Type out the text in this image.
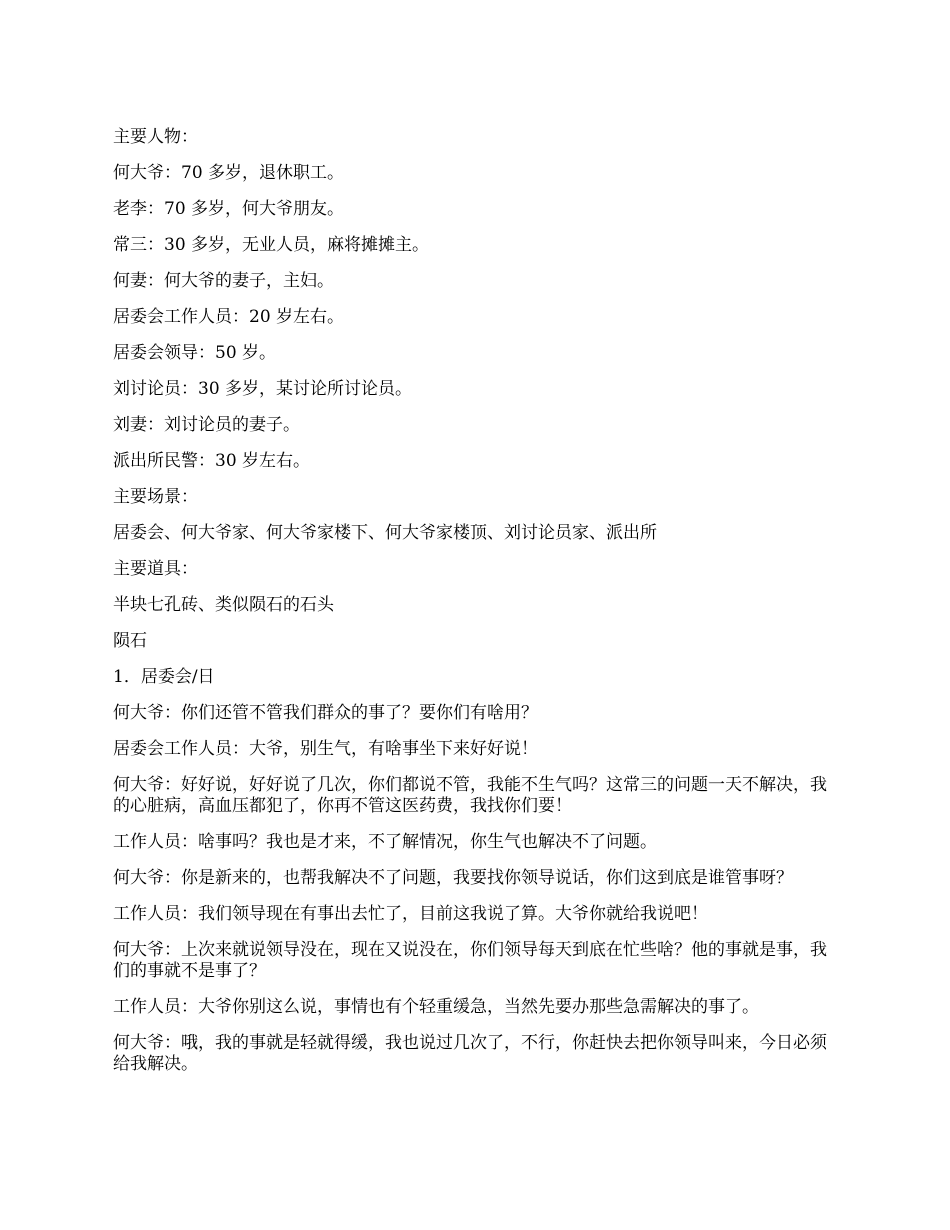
主要人物：

何大爷：70 多岁，退休职工。

老李：70 多岁，何大爷朋友。

常三：30 多岁，无业人员，麻将摊摊主。

何妻：何大爷的妻子，主妇。

居委会工作人员：20 岁左右。

居委会领导：50 岁。

刘讨论员：30 多岁，某讨论所讨论员。

刘妻：刘讨论员的妻子。

派出所民警：30 岁左右。

主要场景：

居委会、何大爷家、何大爷家楼下、何大爷家楼顶、刘讨论员家、派出所

主要道具：

半块七孔砖、类似陨石的石头

陨石

1．居委会/日

何大爷：你们还管不管我们群众的事了？要你们有啥用？

居委会工作人员：大爷，别生气，有啥事坐下来好好说！

何大爷：好好说，好好说了几次，你们都说不管，我能不生气吗？这常三的问题一天不解决，我的心脏病，高血压都犯了，你再不管这医药费，我找你们要！

工作人员：啥事吗？我也是才来，不了解情况，你生气也解决不了问题。

何大爷：你是新来的，也帮我解决不了问题，我要找你领导说话，你们这到底是谁管事呀？

工作人员：我们领导现在有事出去忙了，目前这我说了算。大爷你就给我说吧！

何大爷：上次来就说领导没在，现在又说没在，你们领导每天到底在忙些啥？他的事就是事，我们的事就不是事了？

工作人员：大爷你别这么说，事情也有个轻重缓急，当然先要办那些急需解决的事了。

何大爷：哦，我的事就是轻就得缓，我也说过几次了，不行，你赶快去把你领导叫来，今日必须给我解决。
